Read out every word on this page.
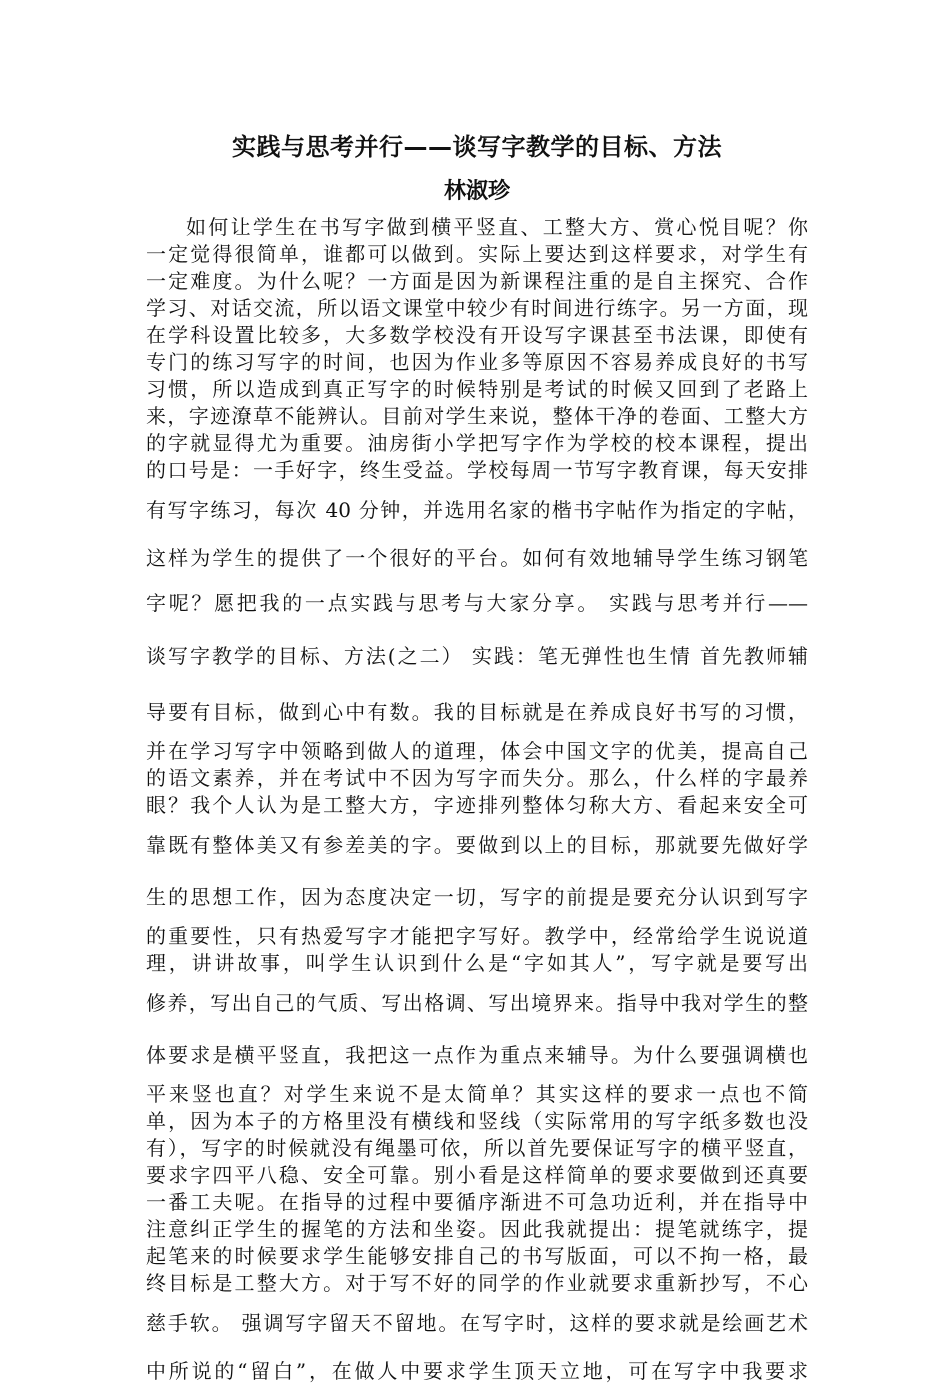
实践与思考并行——谈写字教学的目标、方法
林淑珍
如何让学生在书写字做到横平竖直、工整大方、赏心悦目呢？你
一定觉得很简单，谁都可以做到。实际上要达到这样要求，对学生有
一定难度。为什么呢？一方面是因为新课程注重的是自主探究、合作
学习、对话交流，所以语文课堂中较少有时间进行练字。另一方面，现
在学科设置比较多，大多数学校没有开设写字课甚至书法课，即使有
专门的练习写字的时间，也因为作业多等原因不容易养成良好的书写
习惯，所以造成到真正写字的时候特别是考试的时候又回到了老路上
来，字迹潦草不能辨认。目前对学生来说，整体干净的卷面、工整大方
的字就显得尤为重要。油房街小学把写字作为学校的校本课程，提出
的口号是：一手好字，终生受益。学校每周一节写字教育课，每天安排
有写字练习，每次 40 分钟，并选用名家的楷书字帖作为指定的字帖，
这样为学生的提供了一个很好的平台。如何有效地辅导学生练习钢笔
字呢？愿把我的一点实践与思考与大家分享。 实践与思考并行——
谈写字教学的目标、方法(之二） 实践：笔无弹性也生情 首先教师辅
导要有目标，做到心中有数。我的目标就是在养成良好书写的习惯，
并在学习写字中领略到做人的道理，体会中国文字的优美，提高自己
的语文素养，并在考试中不因为写字而失分。那么，什么样的字最养
眼？我个人认为是工整大方，字迹排列整体匀称大方、看起来安全可
靠既有整体美又有参差美的字。要做到以上的目标，那就要先做好学
生的思想工作，因为态度决定一切，写字的前提是要充分认识到写字
的重要性，只有热爱写字才能把字写好。教学中，经常给学生说说道
理，讲讲故事，叫学生认识到什么是“字如其人”，写字就是要写出
修养，写出自己的气质、写出格调、写出境界来。指导中我对学生的整
体要求是横平竖直，我把这一点作为重点来辅导。为什么要强调横也
平来竖也直？对学生来说不是太简单？其实这样的要求一点也不简
单，因为本子的方格里没有横线和竖线（实际常用的写字纸多数也没
有），写字的时候就没有绳墨可依，所以首先要保证写字的横平竖直，
要求字四平八稳、安全可靠。别小看是这样简单的要求要做到还真要
一番工夫呢。在指导的过程中要循序渐进不可急功近利，并在指导中
注意纠正学生的握笔的方法和坐姿。因此我就提出：提笔就练字，提
起笔来的时候要求学生能够安排自己的书写版面，可以不拘一格，最
终目标是工整大方。对于写不好的同学的作业就要求重新抄写，不心
慈手软。 强调写字留天不留地。在写字时，这样的要求就是绘画艺术
中所说的“留白”，在做人中要求学生顶天立地，可在写字中我要求
